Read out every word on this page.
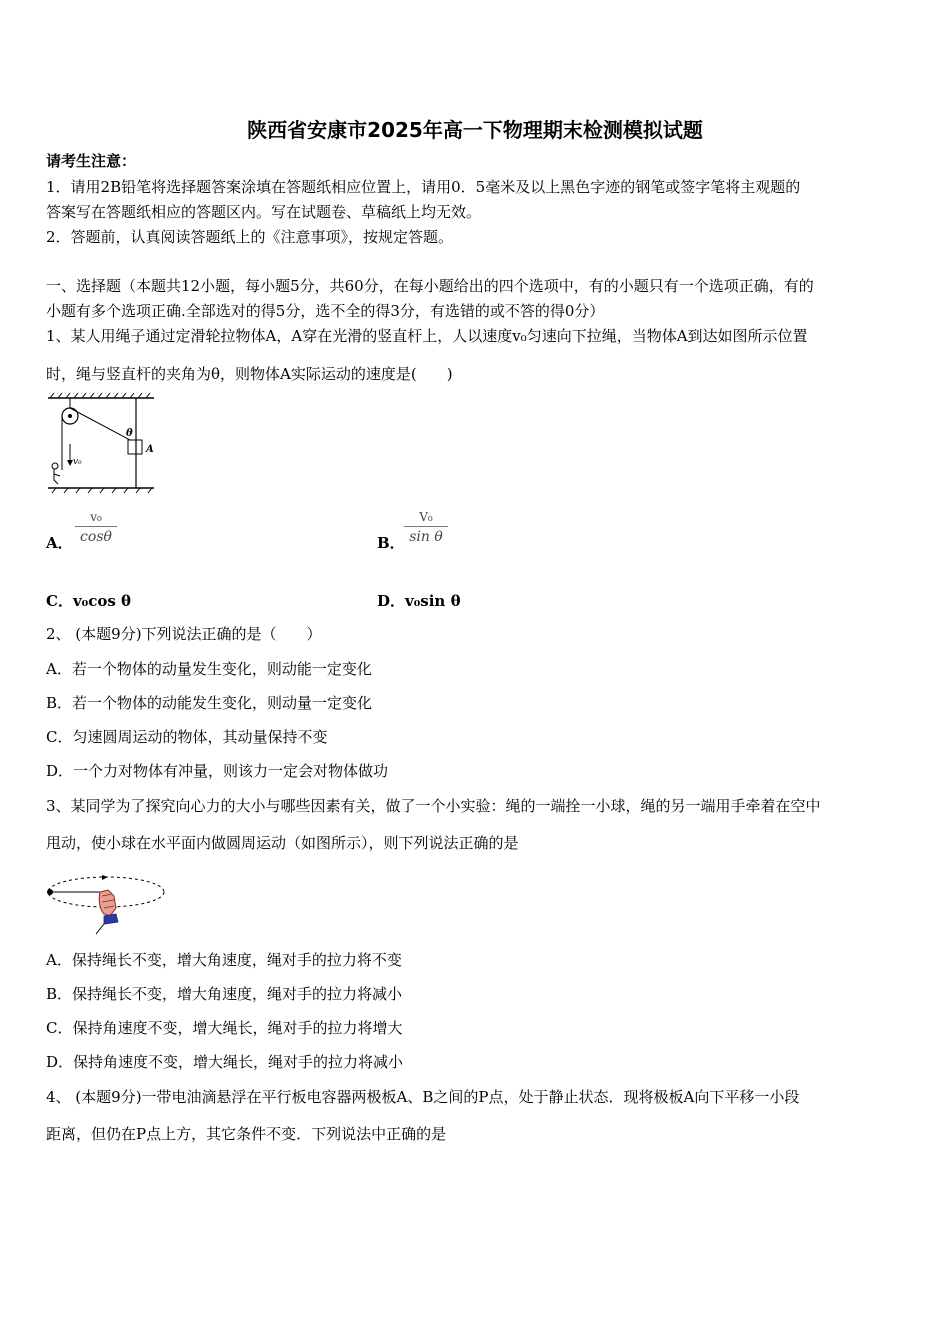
陕西省安康市2025年高一下物理期末检测模拟试题
请考生注意：
1．请用2B铅笔将选择题答案涂填在答题纸相应位置上，请用0．5毫米及以上黑色字迹的钢笔或签字笔将主观题的
答案写在答题纸相应的答题区内。写在试题卷、草稿纸上均无效。
2．答题前，认真阅读答题纸上的《注意事项》，按规定答题。
一、选择题（本题共12小题，每小题5分，共60分，在每小题给出的四个选项中，有的小题只有一个选项正确，有的
小题有多个选项正确.全部选对的得5分，选不全的得3分，有选错的或不答的得0分）
1、某人用绳子通过定滑轮拉物体A，A穿在光滑的竖直杆上，人以速度v₀匀速向下拉绳，当物体A到达如图所示位置
时，绳与竖直杆的夹角为θ，则物体A实际运动的速度是(　　)
θ
A
v₀
A．
v₀
cosθ	B．
V₀
sin θ
C．v₀cos θ	D．v₀sin θ
2、 (本题9分)下列说法正确的是（　　）
A．若一个物体的动量发生变化，则动能一定变化
B．若一个物体的动能发生变化，则动量一定变化
C．匀速圆周运动的物体，其动量保持不变
D．一个力对物体有冲量，则该力一定会对物体做功
3、某同学为了探究向心力的大小与哪些因素有关，做了一个小实验：绳的一端拴一小球，绳的另一端用手牵着在空中
甩动，使小球在水平面内做圆周运动（如图所示），则下列说法正确的是
A．保持绳长不变，增大角速度，绳对手的拉力将不变
B．保持绳长不变，增大角速度，绳对手的拉力将减小
C．保持角速度不变，增大绳长，绳对手的拉力将增大
D．保持角速度不变，增大绳长，绳对手的拉力将减小
4、 (本题9分)一带电油滴悬浮在平行板电容器两极板A、B之间的P点，处于静止状态．现将极板A向下平移一小段
距离，但仍在P点上方，其它条件不变．下列说法中正确的是
